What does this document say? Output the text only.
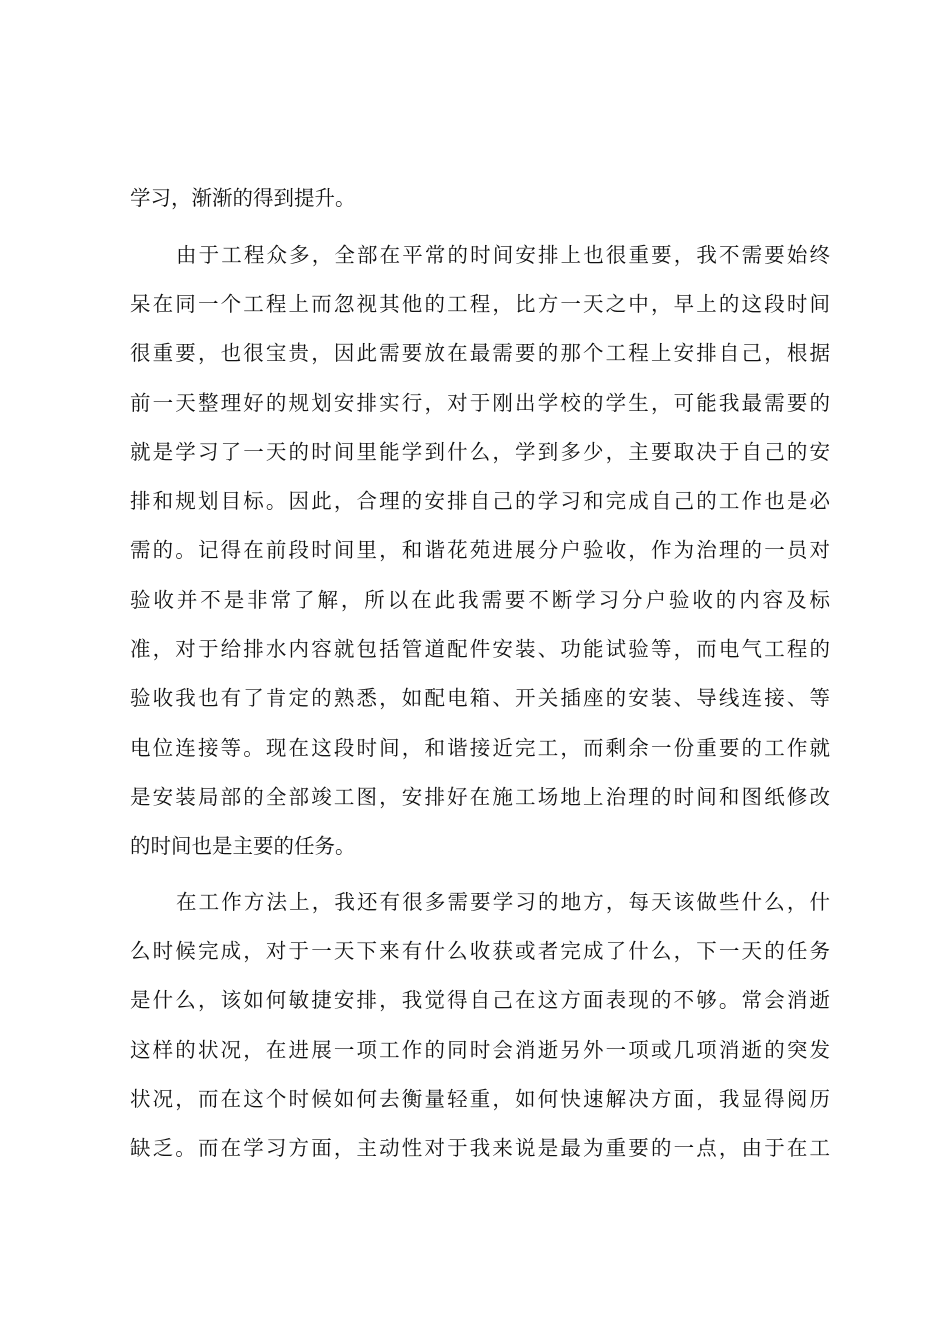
学习，渐渐的得到提升。
由于工程众多，全部在平常的时间安排上也很重要，我不需要始终
呆在同一个工程上而忽视其他的工程，比方一天之中，早上的这段时间
很重要，也很宝贵，因此需要放在最需要的那个工程上安排自己，根据
前一天整理好的规划安排实行，对于刚出学校的学生，可能我最需要的
就是学习了一天的时间里能学到什么，学到多少，主要取决于自己的安
排和规划目标。因此，合理的安排自己的学习和完成自己的工作也是必
需的。记得在前段时间里，和谐花苑进展分户验收，作为治理的一员对
验收并不是非常了解，所以在此我需要不断学习分户验收的内容及标
准，对于给排水内容就包括管道配件安装、功能试验等，而电气工程的
验收我也有了肯定的熟悉，如配电箱、开关插座的安装、导线连接、等
电位连接等。现在这段时间，和谐接近完工，而剩余一份重要的工作就
是安装局部的全部竣工图，安排好在施工场地上治理的时间和图纸修改
的时间也是主要的任务。
在工作方法上，我还有很多需要学习的地方，每天该做些什么，什
么时候完成，对于一天下来有什么收获或者完成了什么，下一天的任务
是什么，该如何敏捷安排，我觉得自己在这方面表现的不够。常会消逝
这样的状况，在进展一项工作的同时会消逝另外一项或几项消逝的突发
状况，而在这个时候如何去衡量轻重，如何快速解决方面，我显得阅历
缺乏。而在学习方面，主动性对于我来说是最为重要的一点，由于在工
